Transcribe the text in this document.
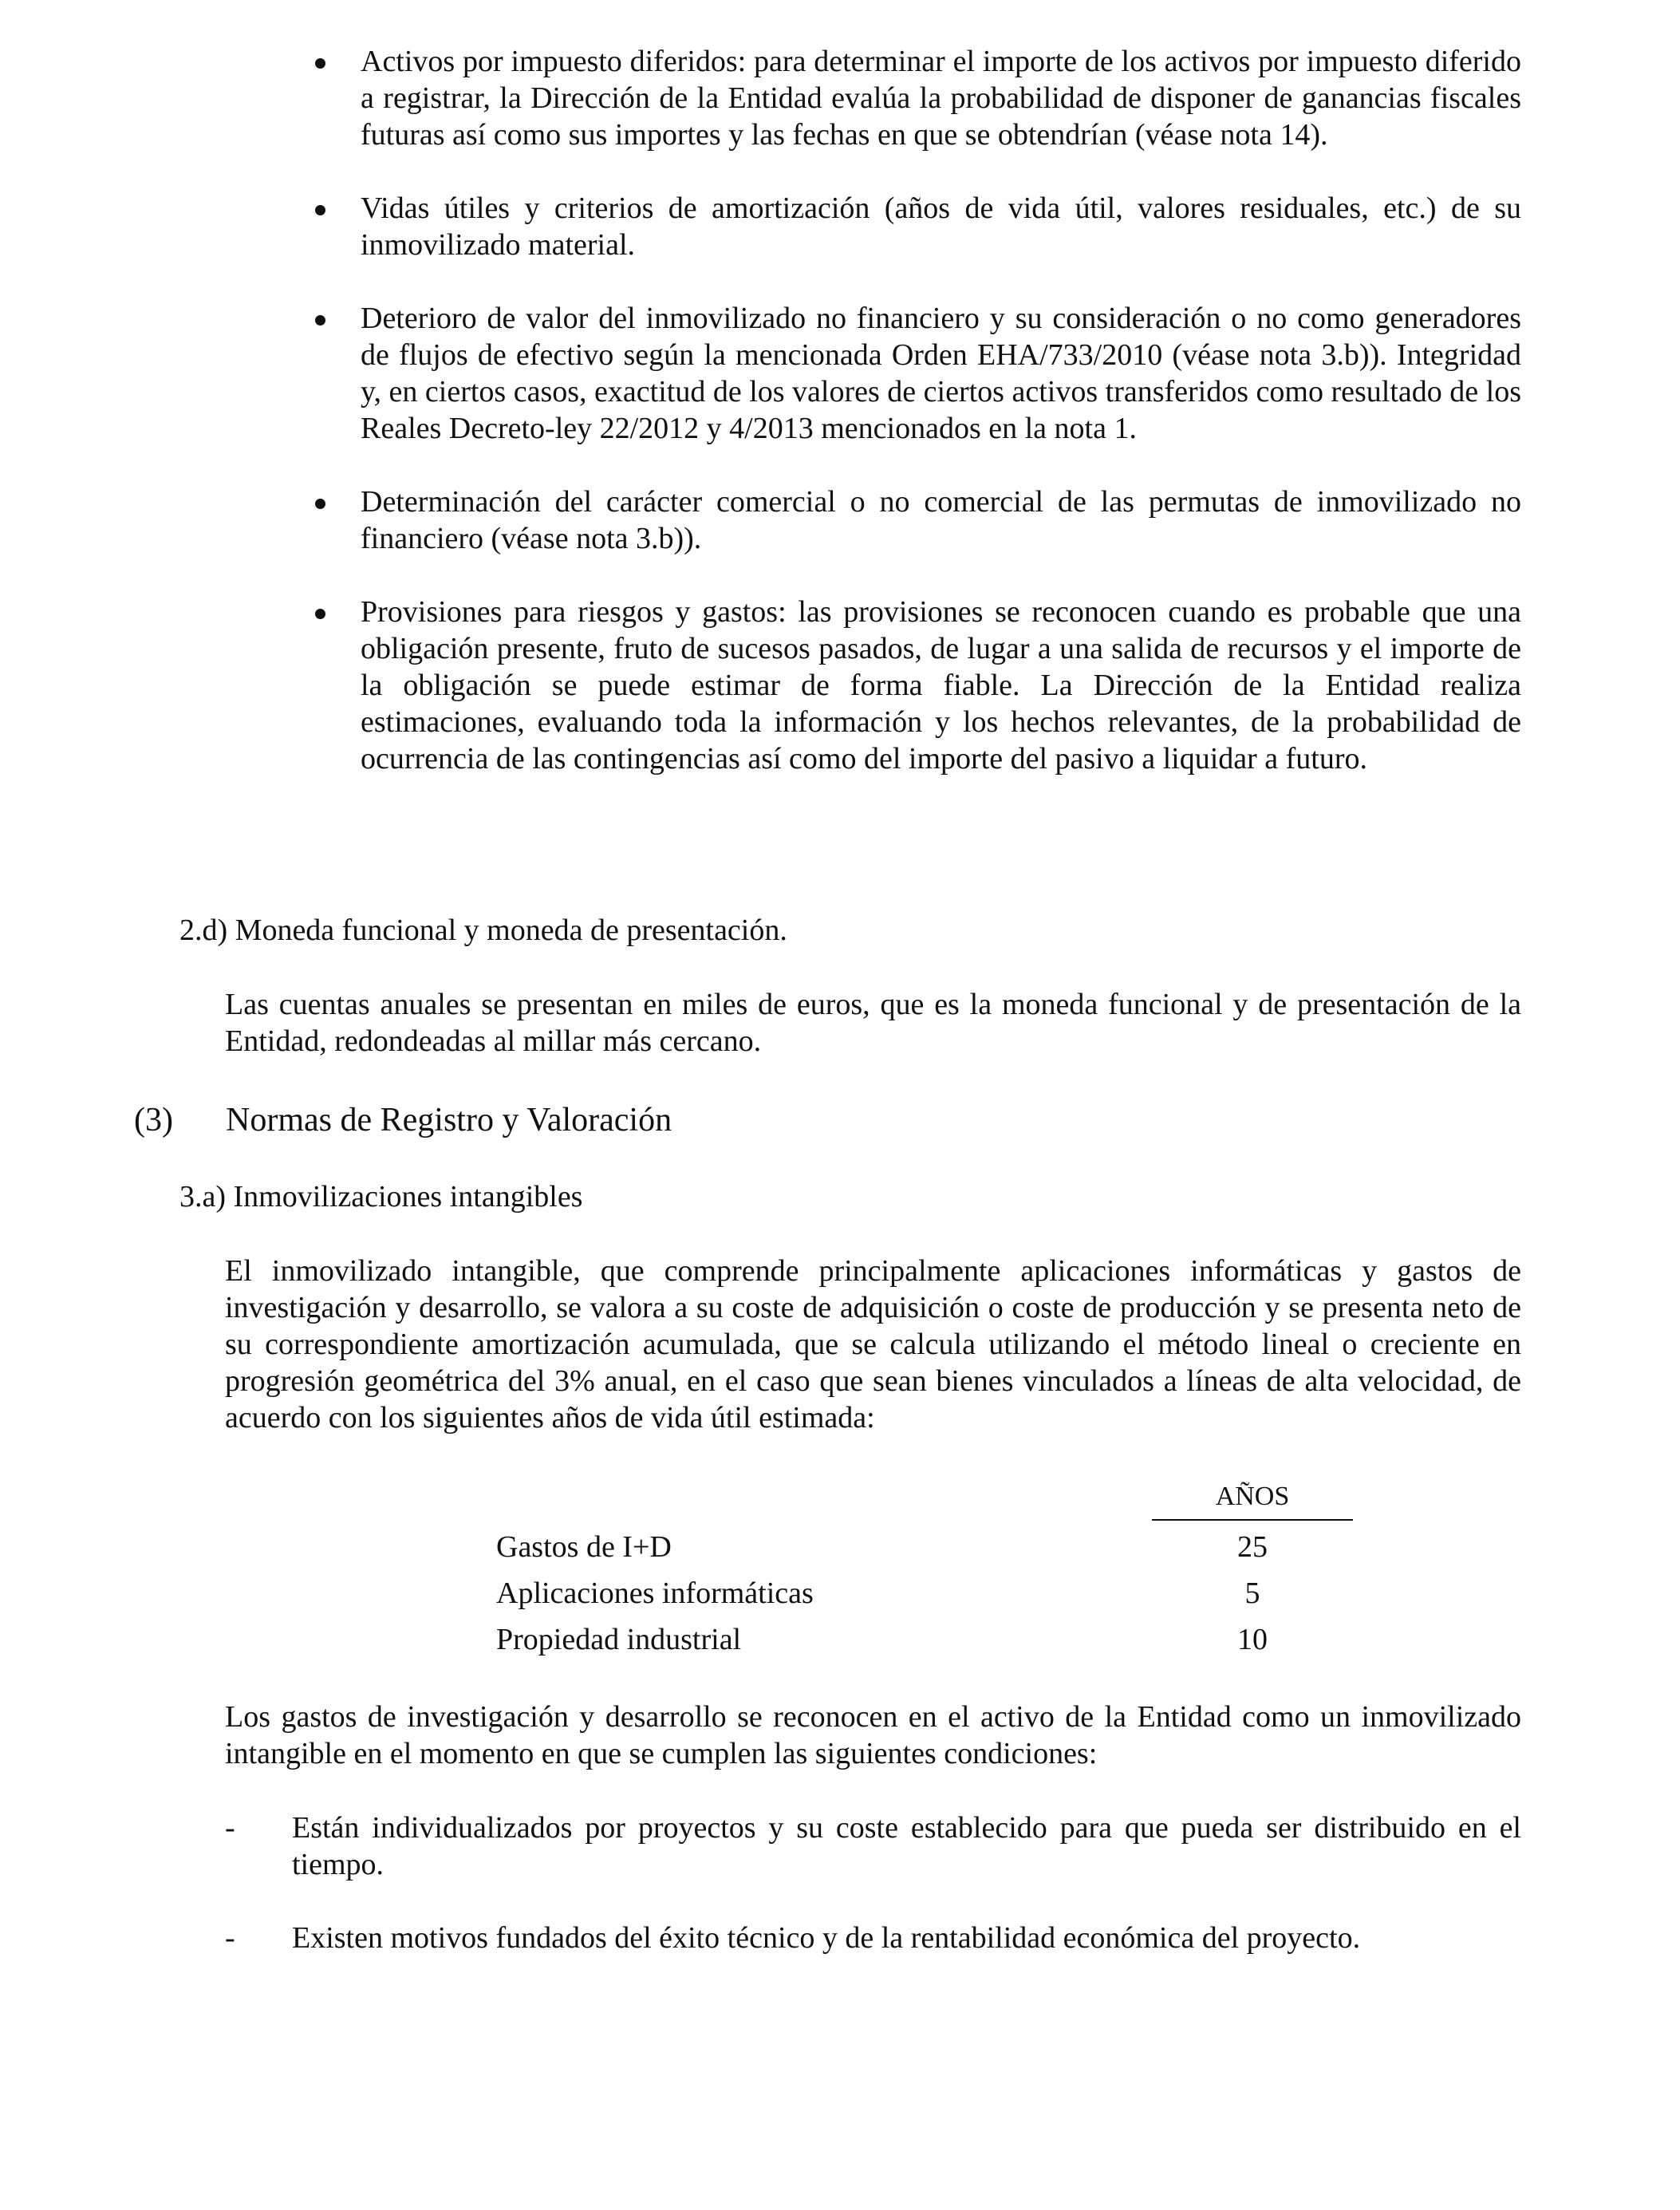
Activos por impuesto diferidos: para determinar el importe de los activos por impuesto diferido a registrar, la Dirección de la Entidad evalúa la probabilidad de disponer de ganancias fiscales futuras así como sus importes y las fechas en que se obtendrían (véase nota 14).
Vidas útiles y criterios de amortización (años de vida útil, valores residuales, etc.) de su inmovilizado material.
Deterioro de valor del inmovilizado no financiero y su consideración o no como generadores de flujos de efectivo según la mencionada Orden EHA/733/2010 (véase nota 3.b)). Integridad y, en ciertos casos, exactitud de los valores de ciertos activos transferidos como resultado de los Reales Decreto-ley 22/2012 y 4/2013 mencionados en la nota 1.
Determinación del carácter comercial o no comercial de las permutas de inmovilizado no financiero (véase nota 3.b)).
Provisiones para riesgos y gastos: las provisiones se reconocen cuando es probable que una obligación presente, fruto de sucesos pasados, de lugar a una salida de recursos y el importe de la obligación se puede estimar de forma fiable. La Dirección de la Entidad realiza estimaciones, evaluando toda la información y los hechos relevantes, de la probabilidad de ocurrencia de las contingencias así como del importe del pasivo a liquidar a futuro.
2.d) Moneda funcional y moneda de presentación.
Las cuentas anuales se presentan en miles de euros, que es la moneda funcional y de presentación de la Entidad, redondeadas al millar más cercano.
(3) Normas de Registro y Valoración
3.a) Inmovilizaciones intangibles
El inmovilizado intangible, que comprende principalmente aplicaciones informáticas y gastos de investigación y desarrollo, se valora a su coste de adquisición o coste de producción y se presenta neto de su correspondiente amortización acumulada, que se calcula utilizando el método lineal o creciente en progresión geométrica del 3% anual, en el caso que sean bienes vinculados a líneas de alta velocidad, de acuerdo con los siguientes años de vida útil estimada:
AÑOS
Gastos de I+D	25
Aplicaciones informáticas	5
Propiedad industrial	10
Los gastos de investigación y desarrollo se reconocen en el activo de la Entidad como un inmovilizado intangible en el momento en que se cumplen las siguientes condiciones:
- Están individualizados por proyectos y su coste establecido para que pueda ser distribuido en el tiempo.
- Existen motivos fundados del éxito técnico y de la rentabilidad económica del proyecto.
